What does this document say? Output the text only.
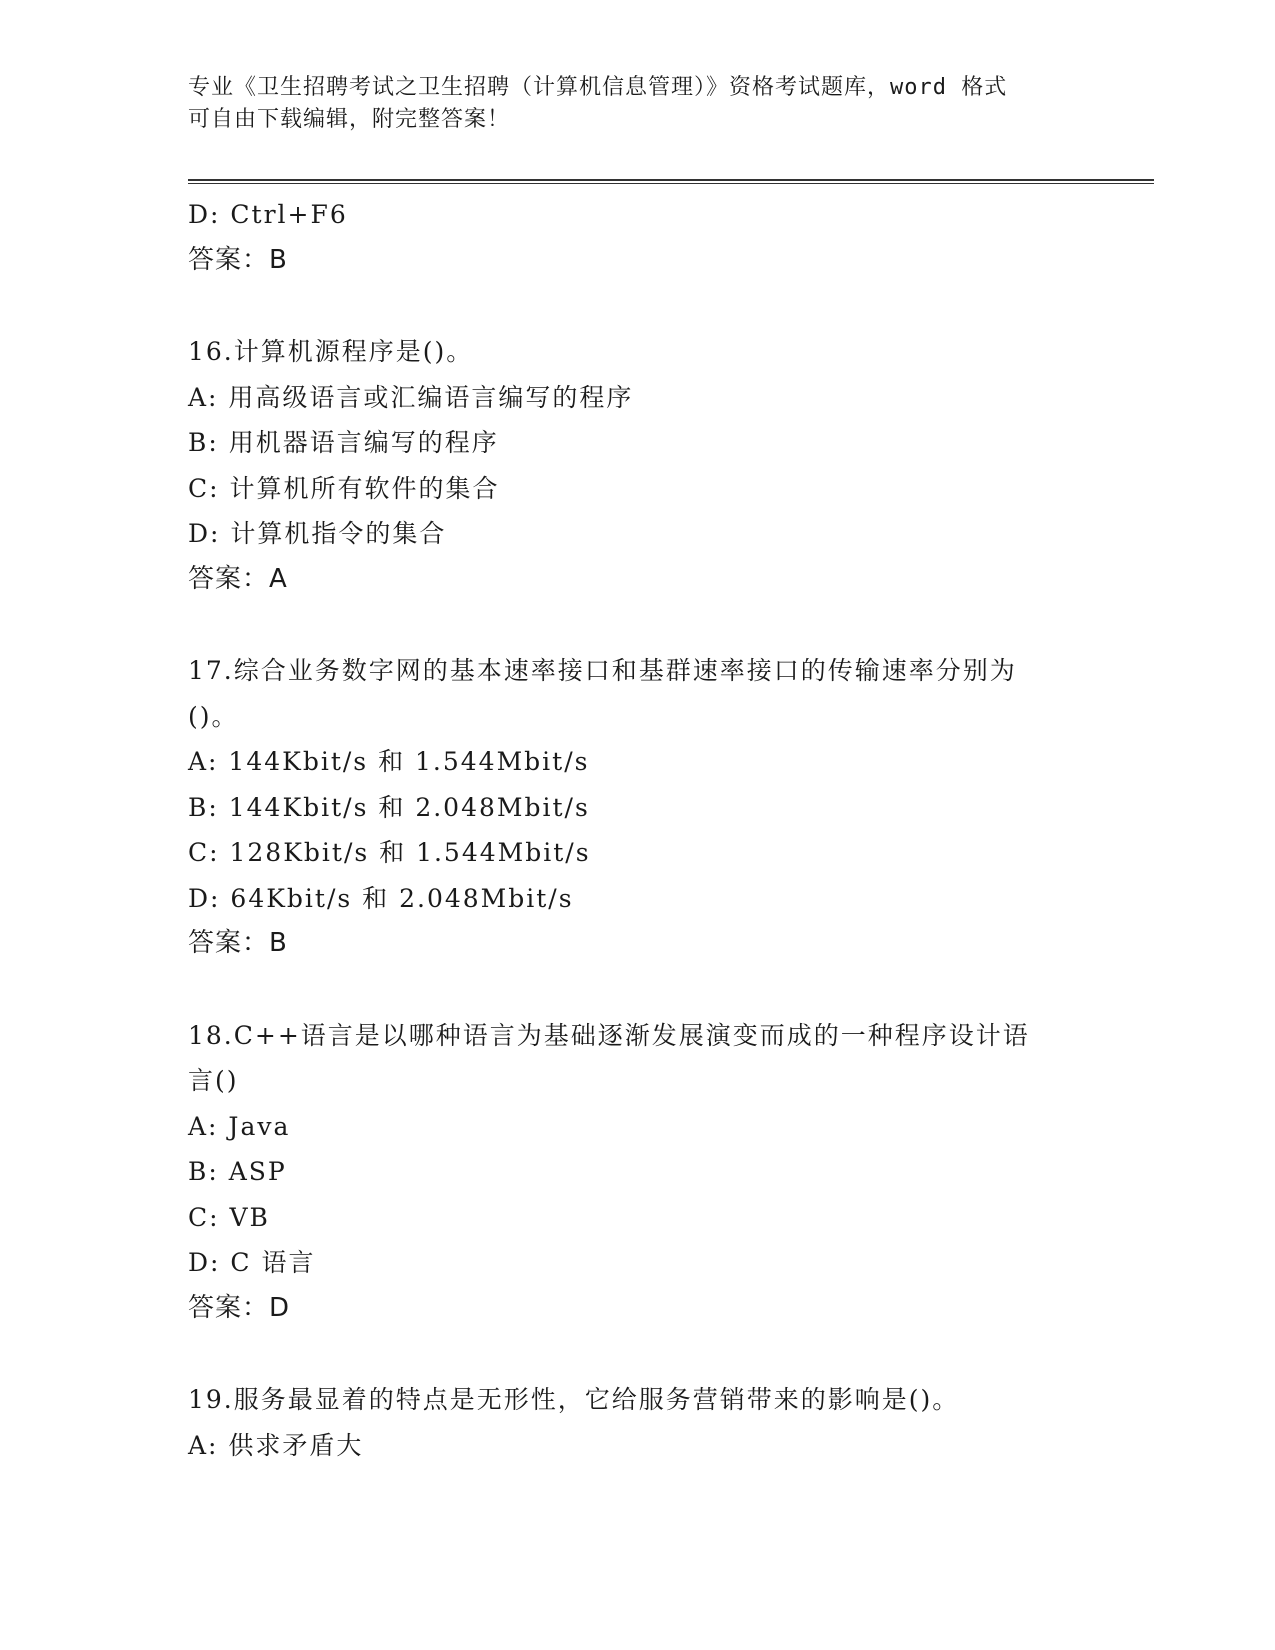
专业《卫生招聘考试之卫生招聘（计算机信息管理）》资格考试题库，word 格式
可自由下载编辑，附完整答案！
D: Ctrl+F6
答案：B
16.计算机源程序是()。
A: 用高级语言或汇编语言编写的程序
B: 用机器语言编写的程序
C: 计算机所有软件的集合
D: 计算机指令的集合
答案：A
17.综合业务数字网的基本速率接口和基群速率接口的传输速率分别为
()。
A: 144Kbit/s 和 1.544Mbit/s
B: 144Kbit/s 和 2.048Mbit/s
C: 128Kbit/s 和 1.544Mbit/s
D: 64Kbit/s 和 2.048Mbit/s
答案：B
18.C++语言是以哪种语言为基础逐渐发展演变而成的一种程序设计语
言()
A: Java
B: ASP
C: VB
D: C 语言
答案：D
19.服务最显着的特点是无形性，它给服务营销带来的影响是()。
A: 供求矛盾大
